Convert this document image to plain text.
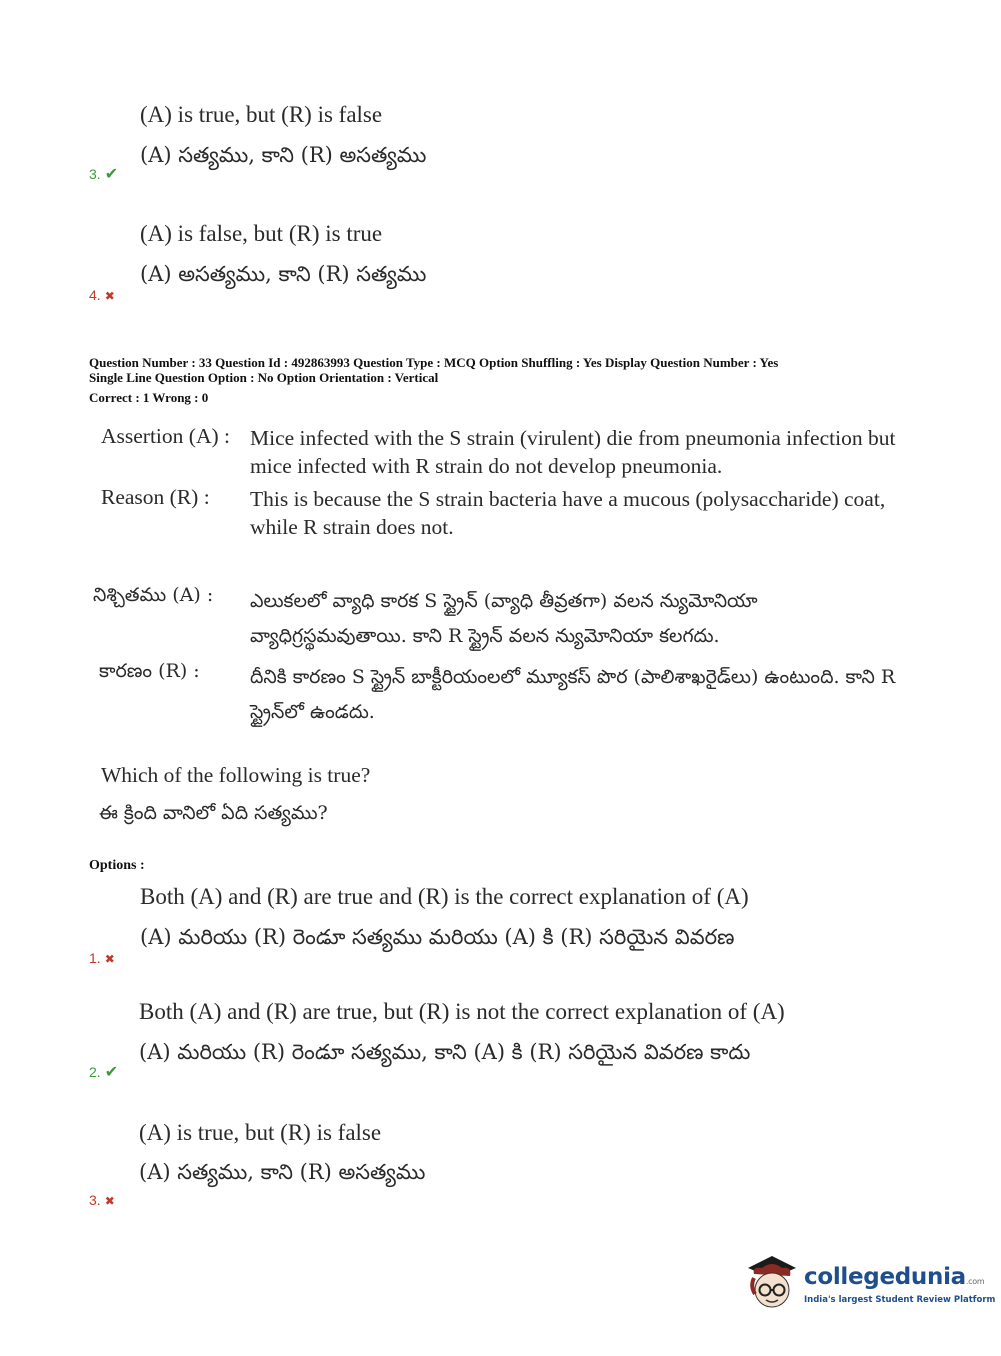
(A) is true, but (R) is false
(A) సత్యము, కాని (R) అసత్యము
3. ✔
(A) is false, but (R) is true
(A) అసత్యము, కాని (R) సత్యము
4. ✖
Question Number : 33 Question Id : 492863993 Question Type : MCQ Option Shuffling : Yes Display Question Number : Yes
Single Line Question Option : No Option Orientation : Vertical
Correct : 1 Wrong : 0
Assertion (A) : Mice infected with the S strain (virulent) die from pneumonia infection but mice infected with R strain do not develop pneumonia.
Reason (R) : This is because the S strain bacteria have a mucous (polysaccharide) coat, while R strain does not.
నిశ్చితము (A) : ఎలుకలలో వ్యాధి కారక S స్ట్రైన్ (వ్యాధి తీవ్రతగా) వలన న్యుమోనియా వ్యాధిగ్రస్థమవుతాయి. కాని R స్ట్రైన్ వలన న్యుమోనియా కలగదు.
కారణం (R) :	దీనికి కారణం S స్ట్రైన్ బాక్టీరియంలలో మ్యూకస్ పొర (పాలిశాఖరైడ్‌లు) ఉంటుంది. కాని R స్ట్రైన్‌లో ఉండదు.
Which of the following is true?
ఈ క్రింది వానిలో ఏది సత్యము?
Options :
Both (A) and (R) are true and (R) is the correct explanation of (A)
(A) మరియు (R) రెండూ సత్యము మరియు (A) కి (R) సరియైన వివరణ
1. ✖
Both (A) and (R) are true, but (R) is not the correct explanation of (A)
(A) మరియు (R) రెండూ సత్యము, కాని (A) కి (R) సరియైన వివరణ కాదు
2. ✔
(A) is true, but (R) is false
(A) సత్యము, కాని (R) అసత్యము
3. ✖
collegedunia.com
India's largest Student Review Platform
